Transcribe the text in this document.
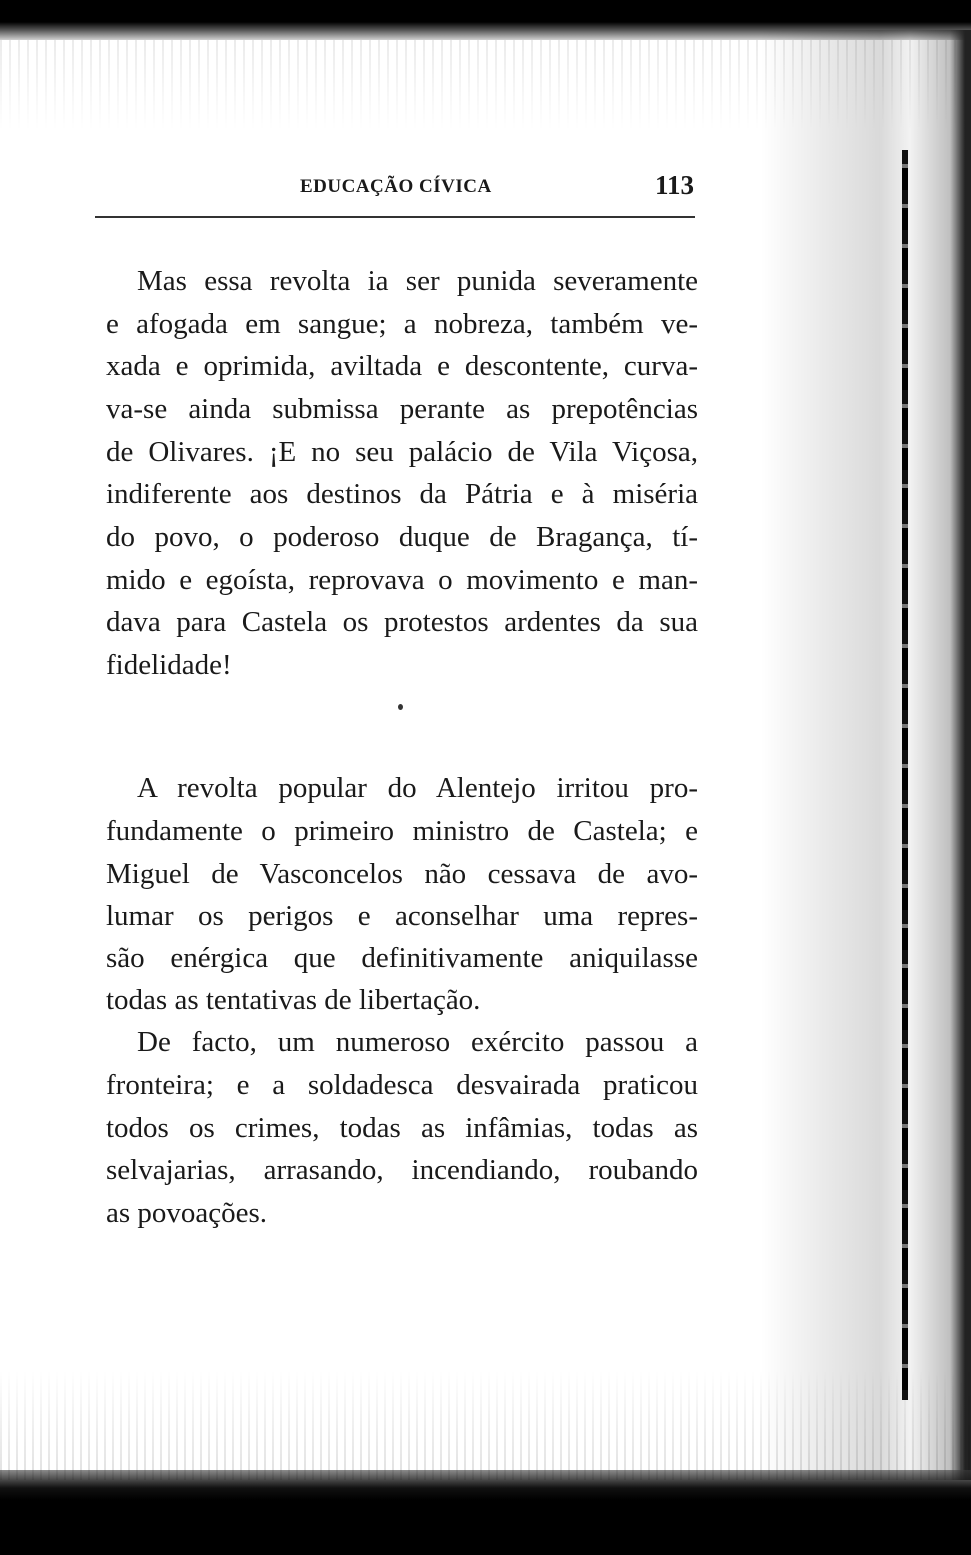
EDUCAÇÃO CÍVICA	113
Mas essa revolta ia ser punida severamente
e afogada em sangue; a nobreza, também ve-
xada e oprimida, aviltada e descontente, curva-
va-se ainda submissa perante as prepotências
de Olivares. ¡E no seu palácio de Vila Viçosa,
indiferente aos destinos da Pátria e à miséria
do povo, o poderoso duque de Bragança, tí-
mido e egoísta, reprovava o movimento e man-
dava para Castela os protestos ardentes da sua
fidelidade!
A revolta popular do Alentejo irritou pro-
fundamente o primeiro ministro de Castela; e
Miguel de Vasconcelos não cessava de avo-
lumar os perigos e aconselhar uma repres-
são enérgica que definitivamente aniquilasse
todas as tentativas de libertação.
De facto, um numeroso exército passou a
fronteira; e a soldadesca desvairada praticou
todos os crimes, todas as infâmias, todas as
selvajarias, arrasando, incendiando, roubando
as povoações.
